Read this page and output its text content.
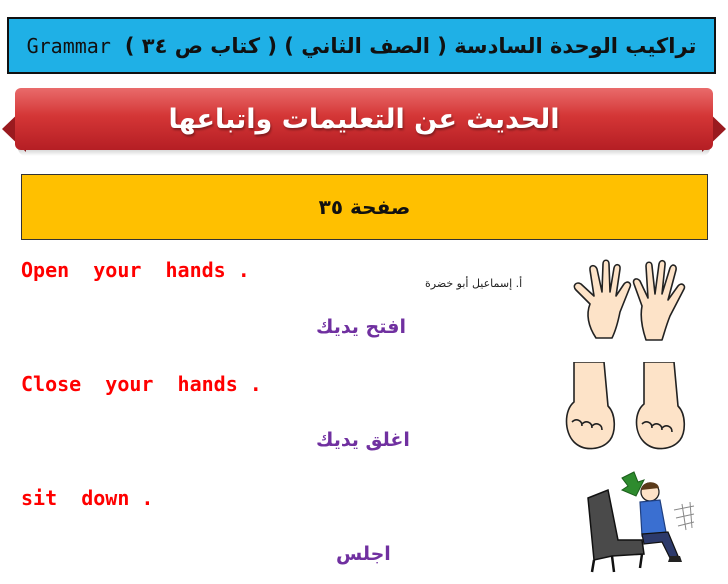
Grammar تراكيب الوحدة السادسة ( الصف الثاني ) ( كتاب ص ٣٤ )
الحديث عن التعليمات واتباعها
صفحة ٣٥
أ. إسماعيل أبو خضرة
Open  your  hands .
افتح يديك
Close  your  hands .
اغلق يديك
sit  down .
اجلس
